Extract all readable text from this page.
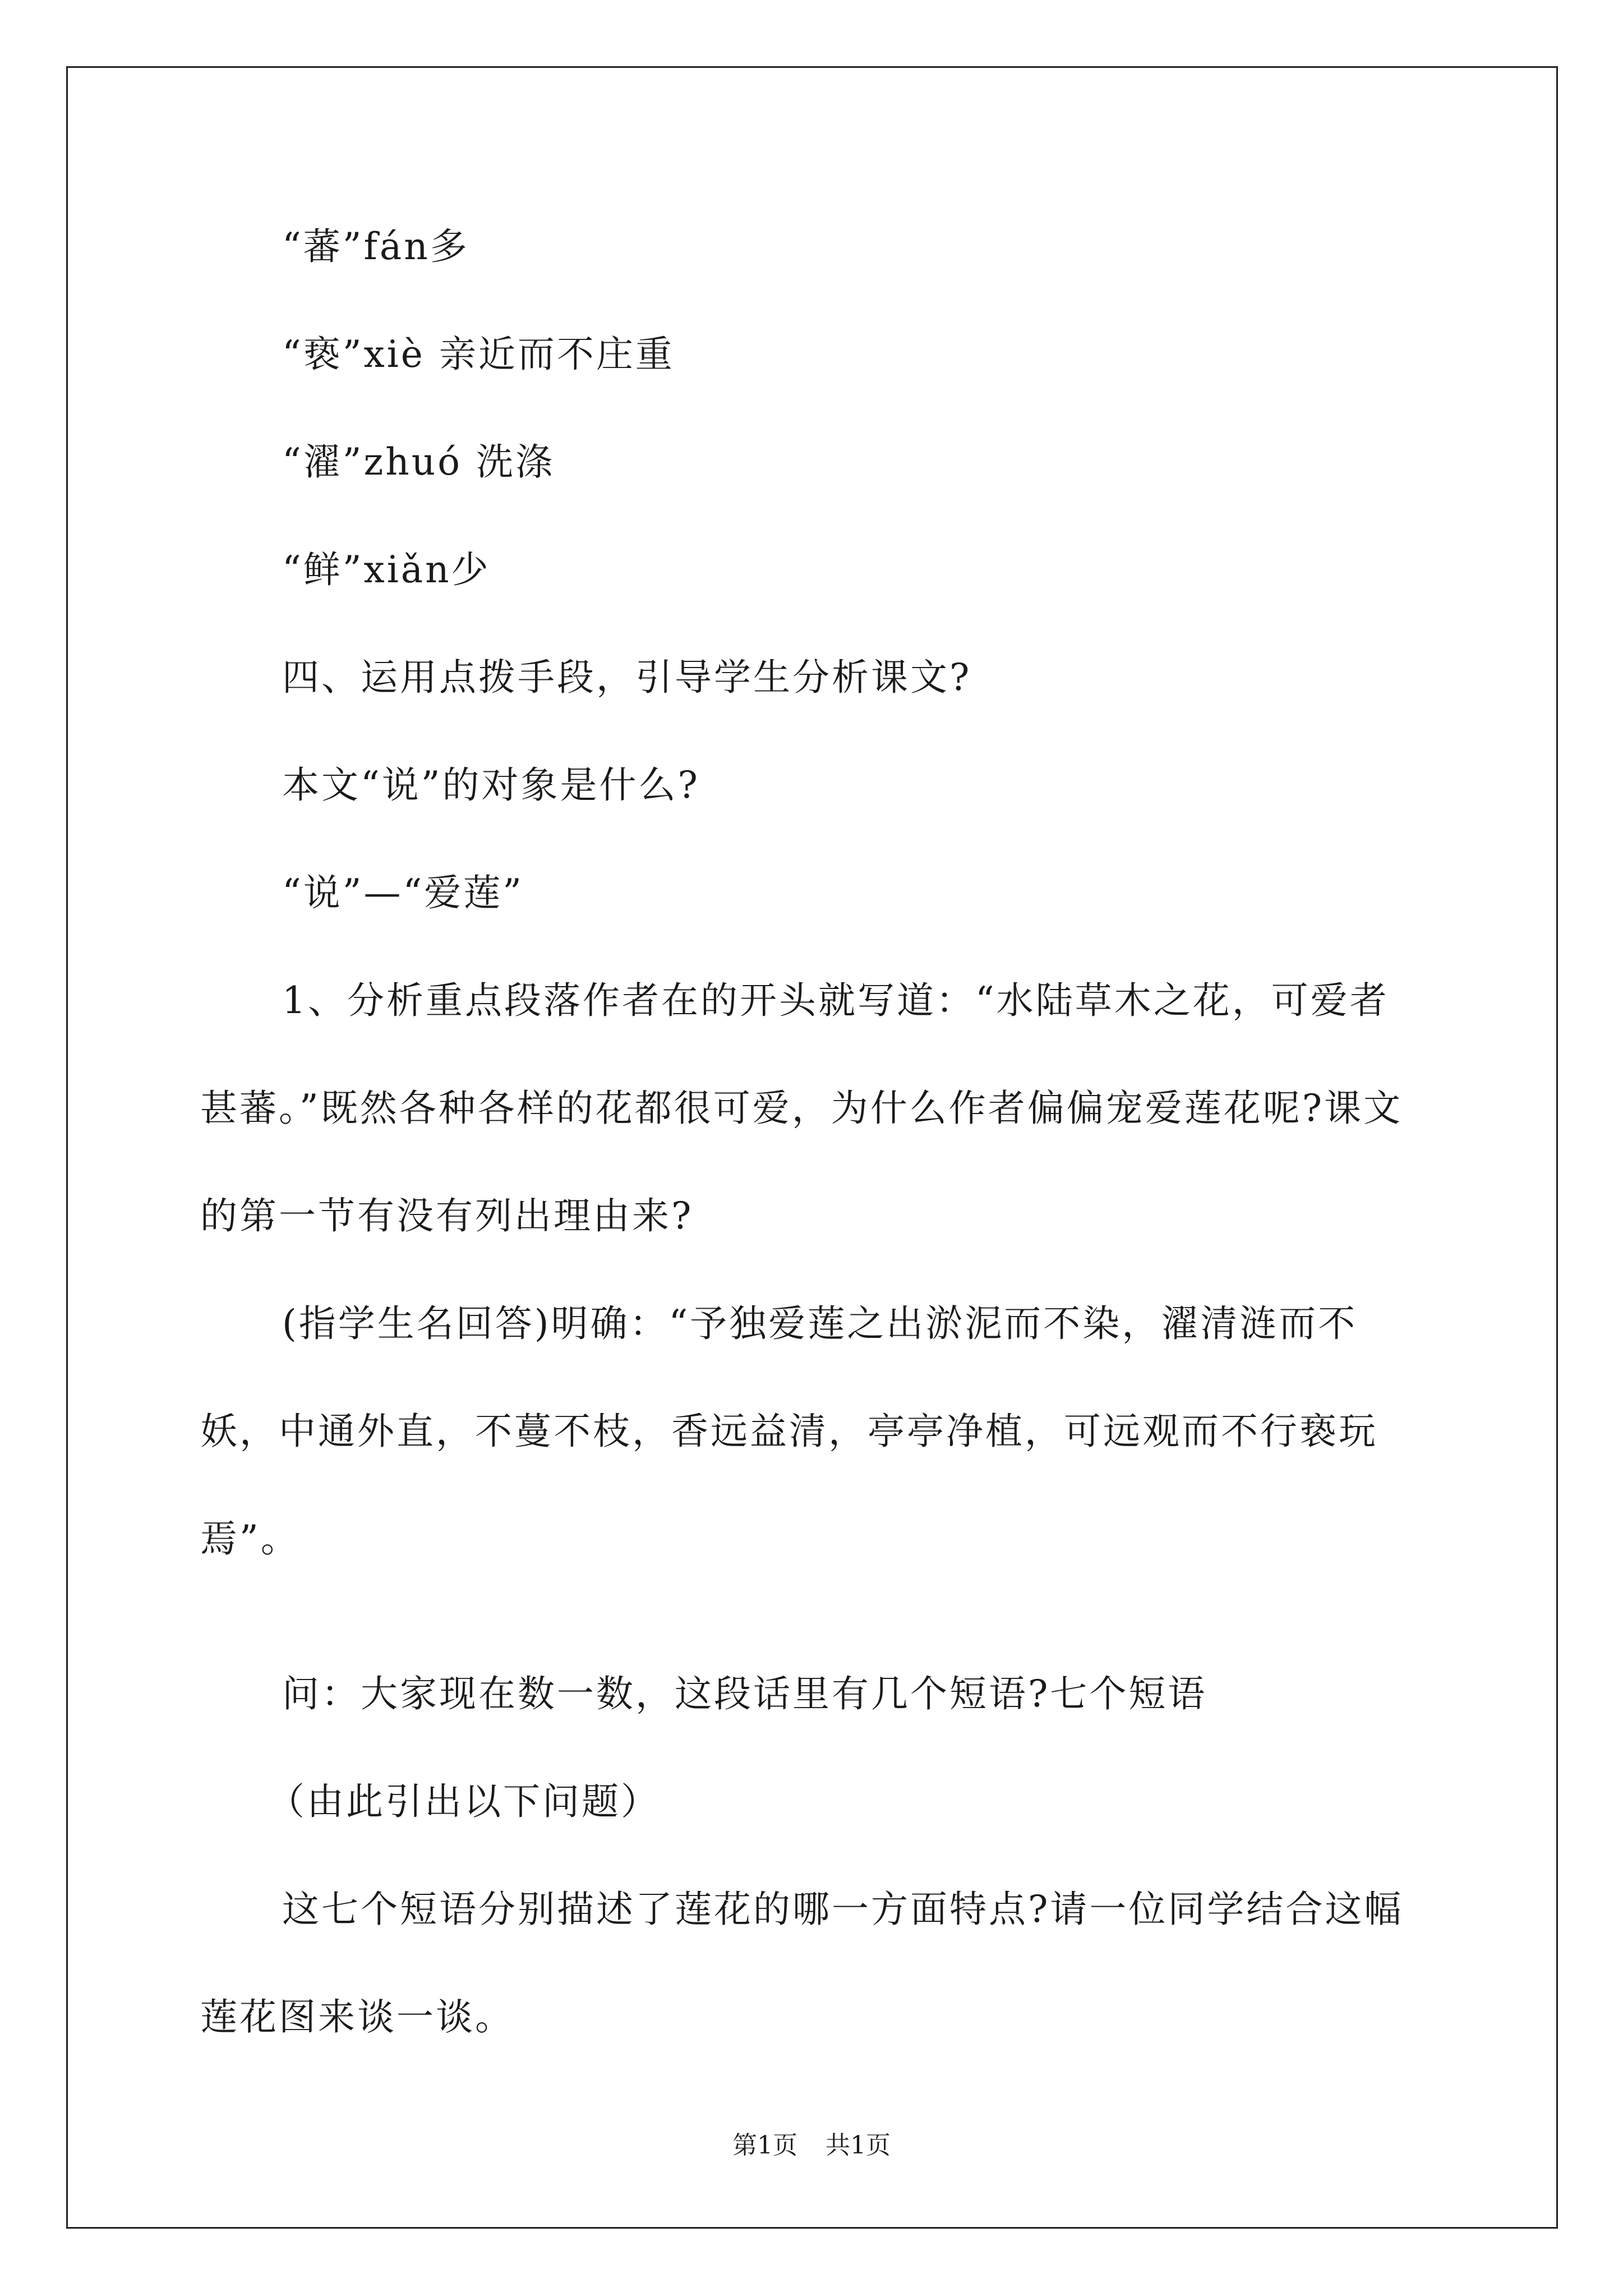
“蕃”fán多
“亵”xiè 亲近而不庄重
“濯”zhuó 洗涤
“鲜”xiǎn少
四、运用点拨手段，引导学生分析课文?
本文“说”的对象是什么?
“说”—“爱莲”
1、分析重点段落作者在的开头就写道：“水陆草木之花，可爱者甚蕃。”既然各种各样的花都很可爱，为什么作者偏偏宠爱莲花呢?课文的第一节有没有列出理由来?
(指学生名回答)明确：“予独爱莲之出淤泥而不染，濯清涟而不妖，中通外直，不蔓不枝，香远益清，亭亭净植，可远观而不行亵玩焉”。
问：大家现在数一数，这段话里有几个短语?七个短语
（由此引出以下问题）
这七个短语分别描述了莲花的哪一方面特点?请一位同学结合这幅莲花图来谈一谈。
第1页 共1页
